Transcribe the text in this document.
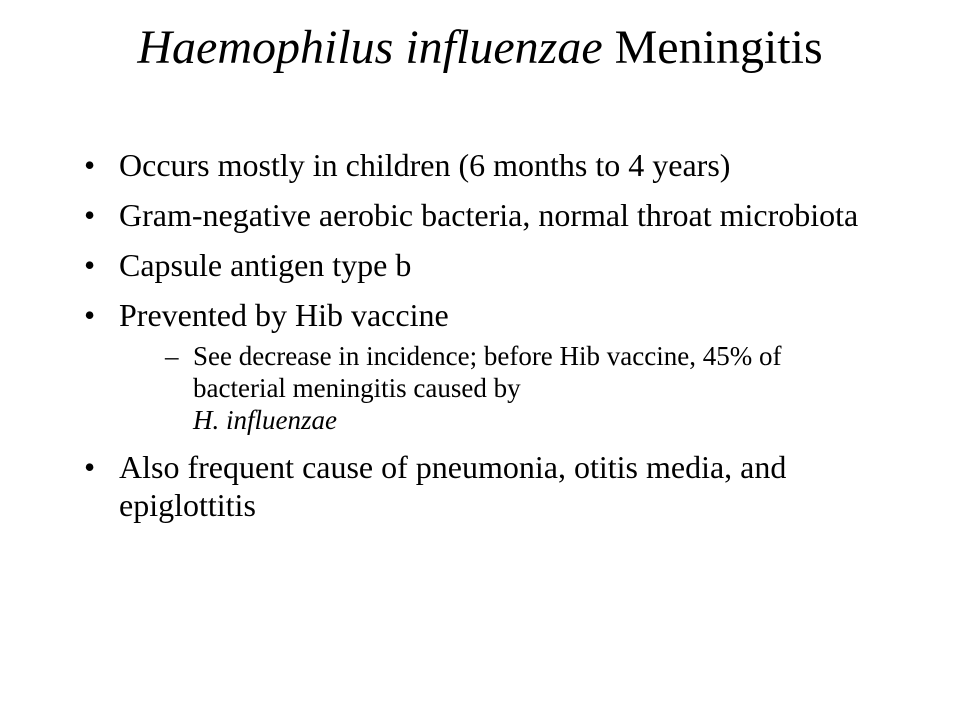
Haemophilus influenzae Meningitis
• Occurs mostly in children (6 months to 4 years)
• Gram-negative aerobic bacteria, normal throat microbiota
• Capsule antigen type b
• Prevented by Hib vaccine
– See decrease in incidence; before Hib vaccine, 45% of bacterial meningitis caused by
H. influenzae
• Also frequent cause of pneumonia, otitis media, and epiglottitis
